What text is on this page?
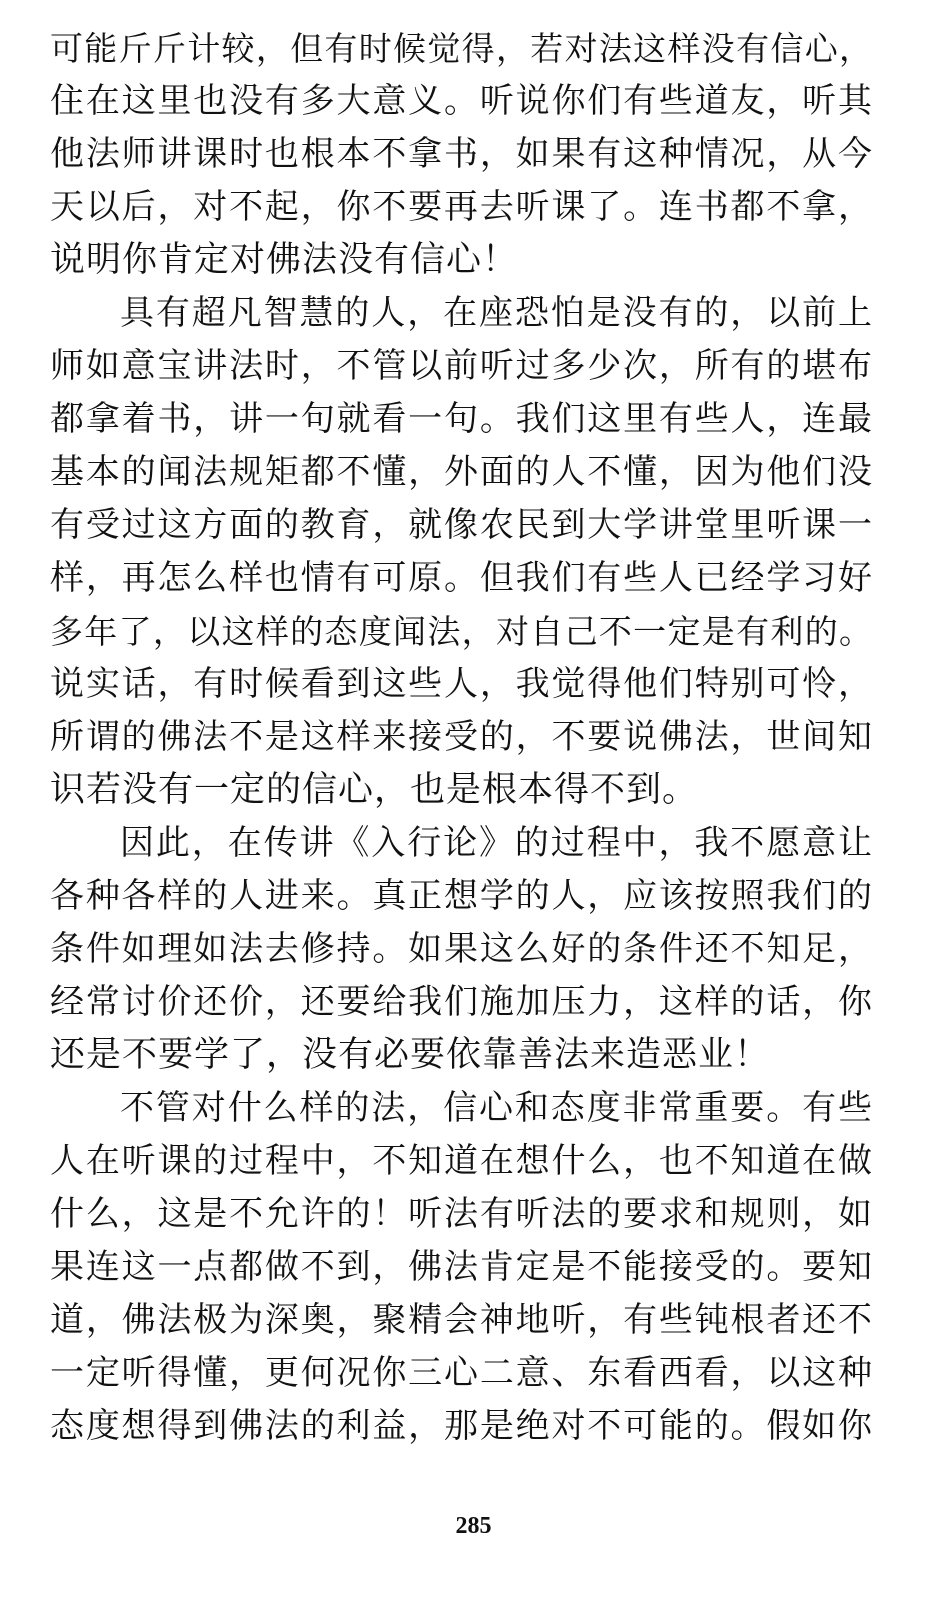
可能斤斤计较，但有时候觉得，若对法这样没有信心，
住在这里也没有多大意义。听说你们有些道友，听其
他法师讲课时也根本不拿书，如果有这种情况，从今
天以后，对不起，你不要再去听课了。连书都不拿，
说明你肯定对佛法没有信心！
具有超凡智慧的人，在座恐怕是没有的，以前上
师如意宝讲法时，不管以前听过多少次，所有的堪布
都拿着书，讲一句就看一句。我们这里有些人，连最
基本的闻法规矩都不懂，外面的人不懂，因为他们没
有受过这方面的教育，就像农民到大学讲堂里听课一
样，再怎么样也情有可原。但我们有些人已经学习好
多年了，以这样的态度闻法，对自己不一定是有利的。
说实话，有时候看到这些人，我觉得他们特别可怜，
所谓的佛法不是这样来接受的，不要说佛法，世间知
识若没有一定的信心，也是根本得不到。
因此，在传讲《入行论》的过程中，我不愿意让
各种各样的人进来。真正想学的人，应该按照我们的
条件如理如法去修持。如果这么好的条件还不知足，
经常讨价还价，还要给我们施加压力，这样的话，你
还是不要学了，没有必要依靠善法来造恶业！
不管对什么样的法，信心和态度非常重要。有些
人在听课的过程中，不知道在想什么，也不知道在做
什么，这是不允许的！听法有听法的要求和规则，如
果连这一点都做不到，佛法肯定是不能接受的。要知
道，佛法极为深奥，聚精会神地听，有些钝根者还不
一定听得懂，更何况你三心二意、东看西看，以这种
态度想得到佛法的利益，那是绝对不可能的。假如你
285
